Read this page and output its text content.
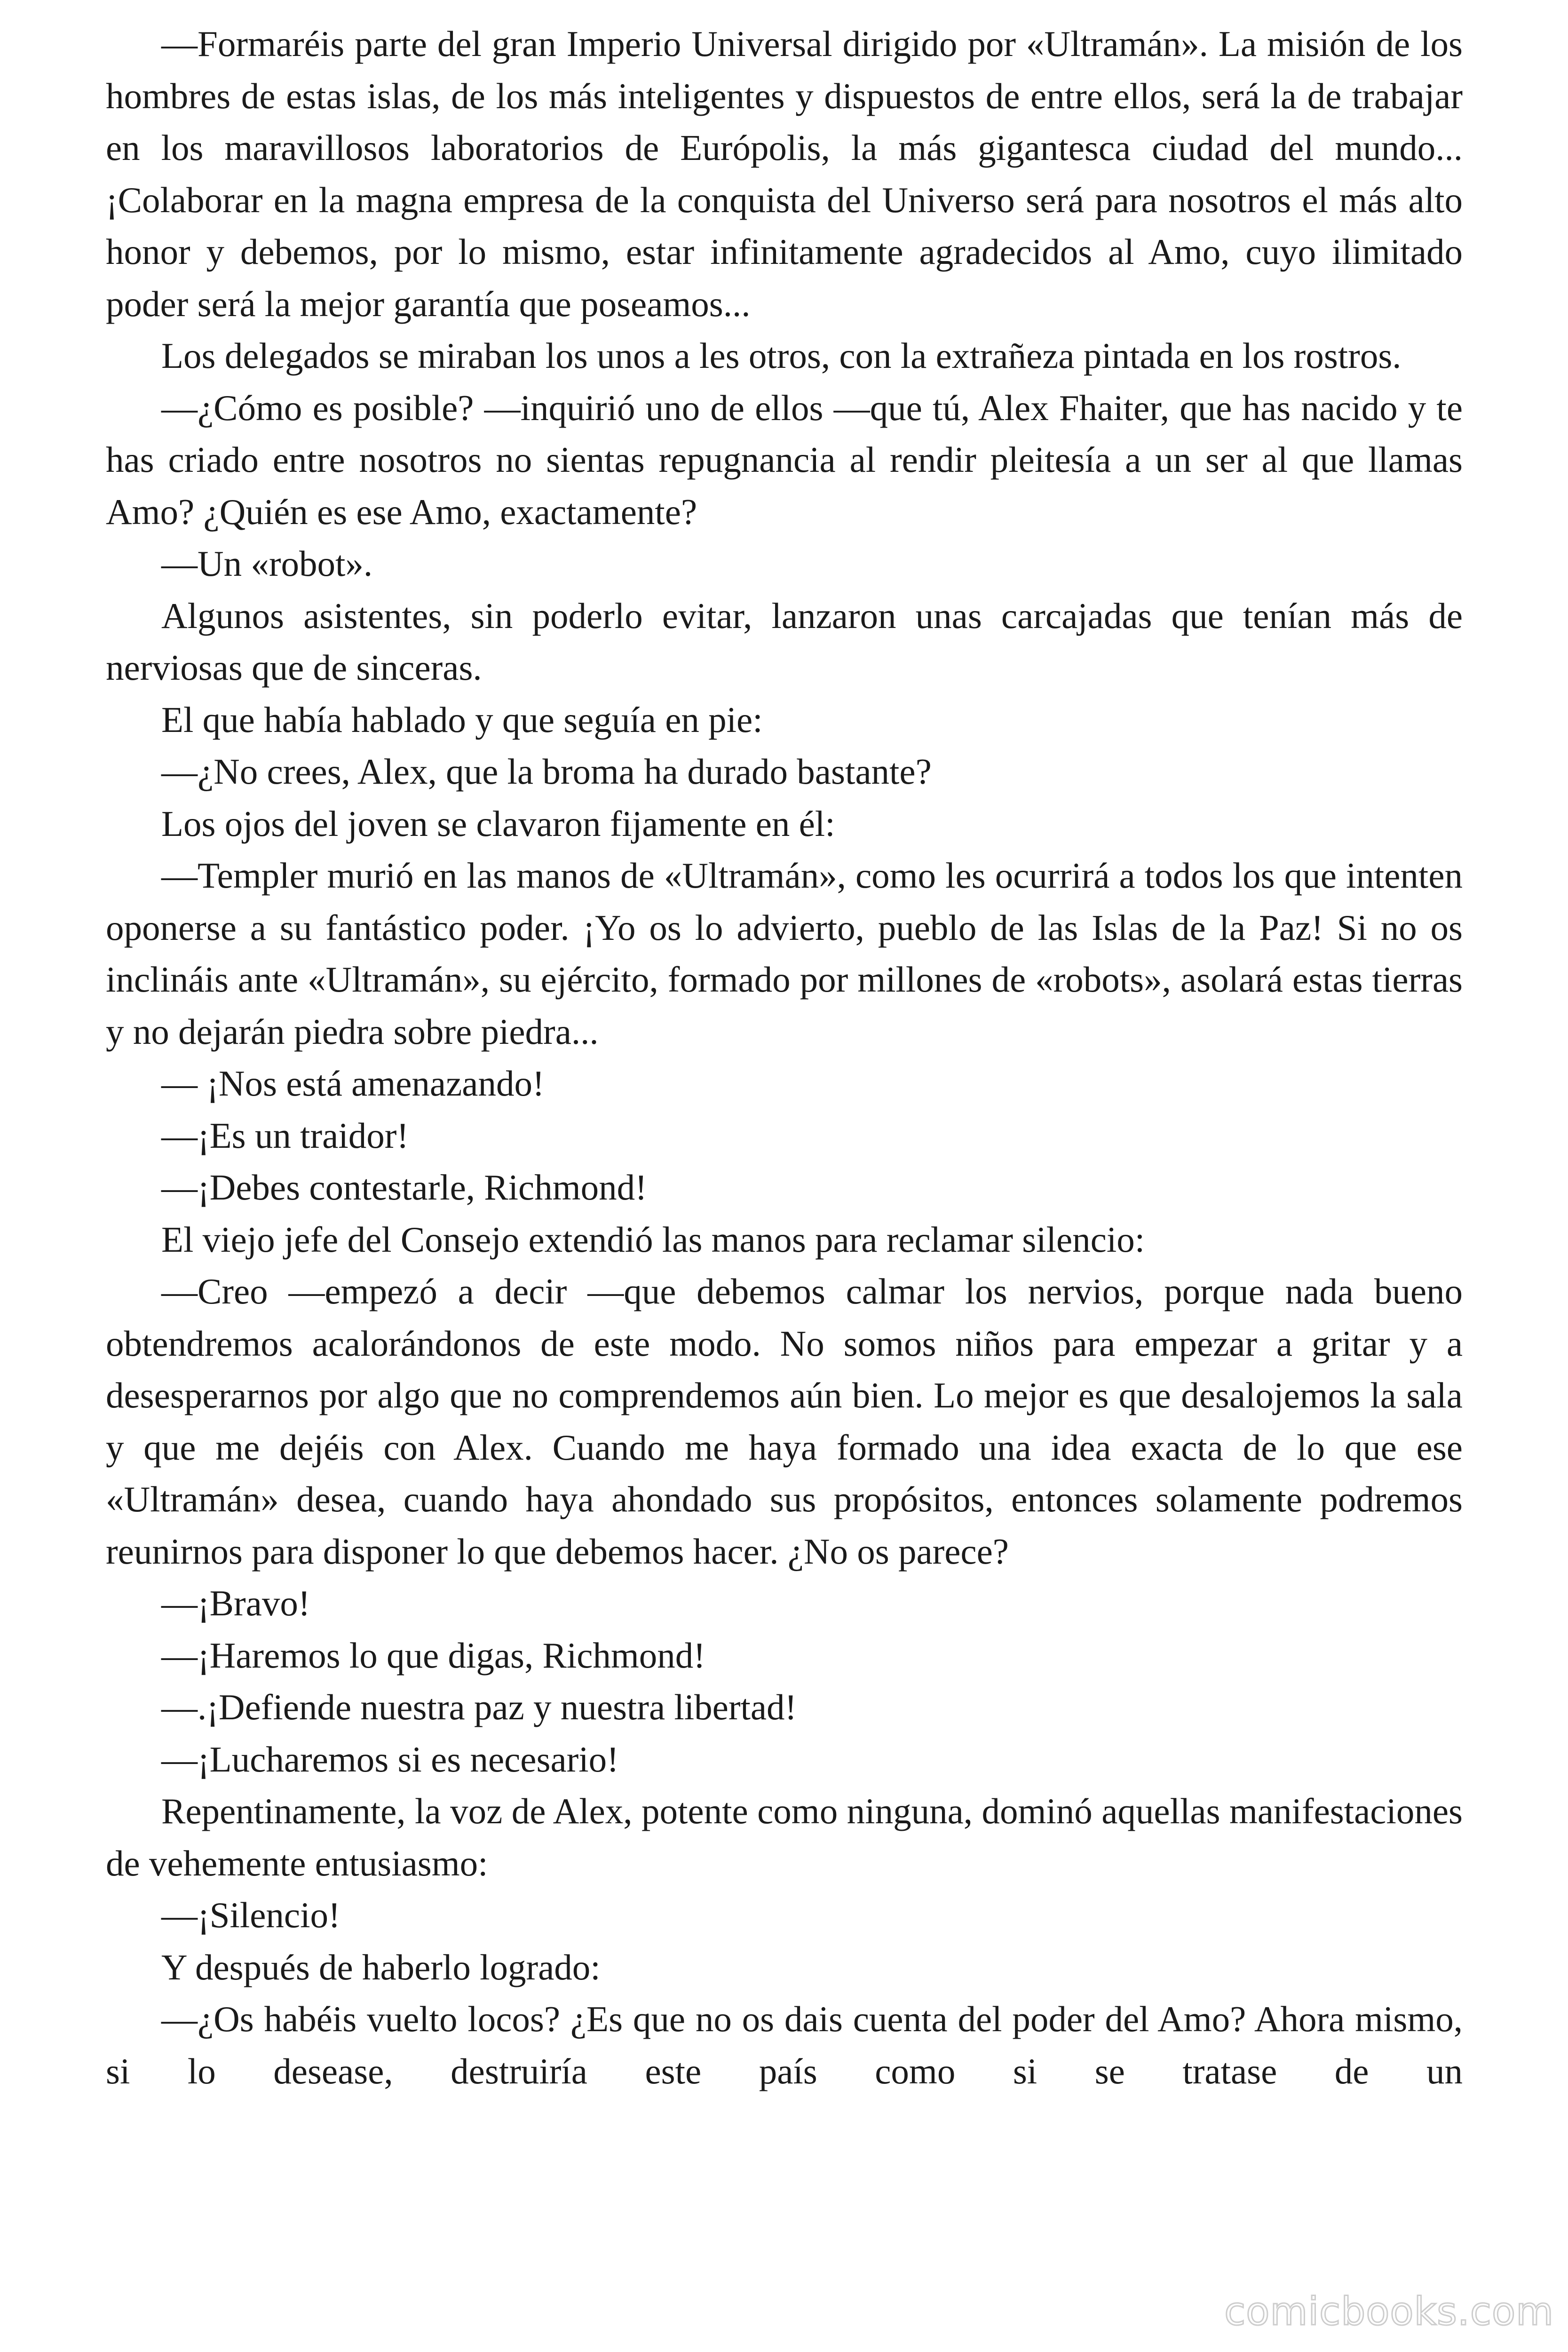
—Formaréis parte del gran Imperio Universal dirigido por «Ultramán». La misión de los hombres de estas islas, de los más inteligentes y dispuestos de entre ellos, será la de trabajar en los maravillosos laboratorios de Európolis, la más gigantesca ciudad del mundo... ¡Colaborar en la magna empresa de la conquista del Universo será para nosotros el más alto honor y debemos, por lo mismo, estar infinitamente agradecidos al Amo, cuyo ilimitado poder será la mejor garantía que poseamos...

Los delegados se miraban los unos a les otros, con la extrañeza pintada en los rostros.

—¿Cómo es posible? —inquirió uno de ellos —que tú, Alex Fhaiter, que has nacido y te has criado entre nosotros no sientas repugnancia al rendir pleitesía a un ser al que llamas Amo? ¿Quién es ese Amo, exactamente?

—Un «robot».

Algunos asistentes, sin poderlo evitar, lanzaron unas carcajadas que tenían más de nerviosas que de sinceras.

El que había hablado y que seguía en pie:

—¿No crees, Alex, que la broma ha durado bastante?

Los ojos del joven se clavaron fijamente en él:

—Templer murió en las manos de «Ultramán», como les ocurrirá a todos los que intenten oponerse a su fantástico poder. ¡Yo os lo advierto, pueblo de las Islas de la Paz! Si no os inclináis ante «Ultramán», su ejército, formado por millones de «robots», asolará estas tierras y no dejarán piedra sobre piedra...

— ¡Nos está amenazando!

—¡Es un traidor!

—¡Debes contestarle, Richmond!

El viejo jefe del Consejo extendió las manos para reclamar silencio:

—Creo —empezó a decir —que debemos calmar los nervios, porque nada bueno obtendremos acalorándonos de este modo. No somos niños para empezar a gritar y a desesperarnos por algo que no comprendemos aún bien. Lo mejor es que desalojemos la sala y que me dejéis con Alex. Cuando me haya formado una idea exacta de lo que ese «Ultramán» desea, cuando haya ahondado sus propósitos, entonces solamente podremos reunirnos para disponer lo que debemos hacer. ¿No os parece?

—¡Bravo!

—¡Haremos lo que digas, Richmond!

—.¡Defiende nuestra paz y nuestra libertad!

—¡Lucharemos si es necesario!

Repentinamente, la voz de Alex, potente como ninguna, dominó aquellas manifestaciones de vehemente entusiasmo:

—¡Silencio!

Y después de haberlo logrado:

—¿Os habéis vuelto locos? ¿Es que no os dais cuenta del poder del Amo? Ahora mismo, si lo desease, destruiría este país como si se tratase de un

comicbooks.com
